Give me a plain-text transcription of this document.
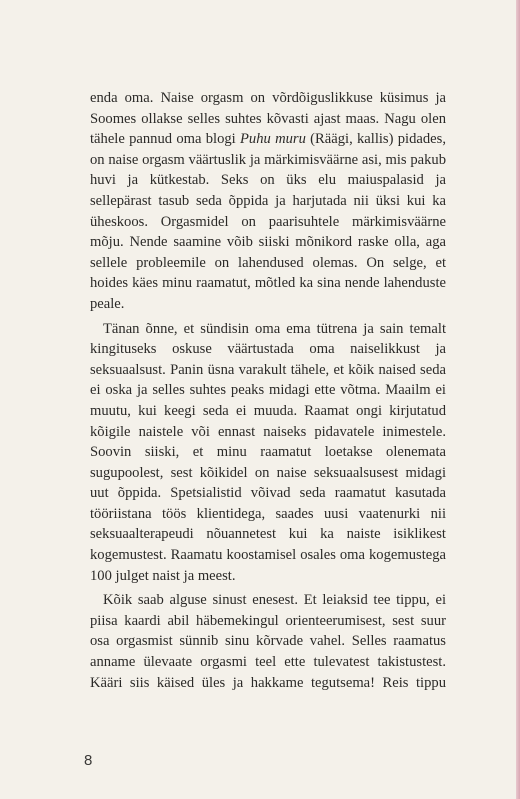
enda oma. Naise orgasm on võrdõiguslikkuse küsimus ja Soomes ollakse selles suhtes kõvasti ajast maas. Nagu olen tähele pannud oma blogi Puhu muru (Räägi, kallis) pidades, on naise orgasm väärtuslik ja märkimisväärne asi, mis pakub huvi ja kütkestab. Seks on üks elu maiuspalasid ja sellepärast tasub seda õppida ja harjutada nii üksi kui ka üheskoos. Orgasmidel on paarisuhtele märkimisväärne mõju. Nende saamine võib siiski mõnikord raske olla, aga sellele probleemile on lahendused olemas. On selge, et hoides käes minu raamatut, mõtled ka sina nende lahenduste peale.

Tänan õnne, et sündisin oma ema tütrena ja sain temalt kingituseks oskuse väärtustada oma naiselikkust ja seksuaalsust. Panin üsna varakult tähele, et kõik naised seda ei oska ja selles suhtes peaks midagi ette võtma. Maailm ei muutu, kui keegi seda ei muuda. Raamat ongi kirjutatud kõigile naistele või ennast naiseks pidavatele inimestele. Soovin siiski, et minu raamatut loetakse olenemata sugupoolest, sest kõikidel on naise seksuaalsusest midagi uut õppida. Spetsialistid võivad seda raamatut kasutada tööriistana töös klientidega, saades uusi vaatenurki nii seksuaalterapeudi nõuannetest kui ka naiste isiklikest kogemustest. Raamatu koostamisel osales oma kogemustega 100 julget naist ja meest.

Kõik saab alguse sinust enesest. Et leiaksid tee tippu, ei piisa kaardi abil häbemekingul orienteerumisest, sest suur osa orgasmist sünnib sinu kõrvade vahel. Selles raamatus anname ülevaate orgasmi teel ette tulevatest takistustest. Kääri siis käised üles ja hakkame tegutsema! Reis tippu

8
